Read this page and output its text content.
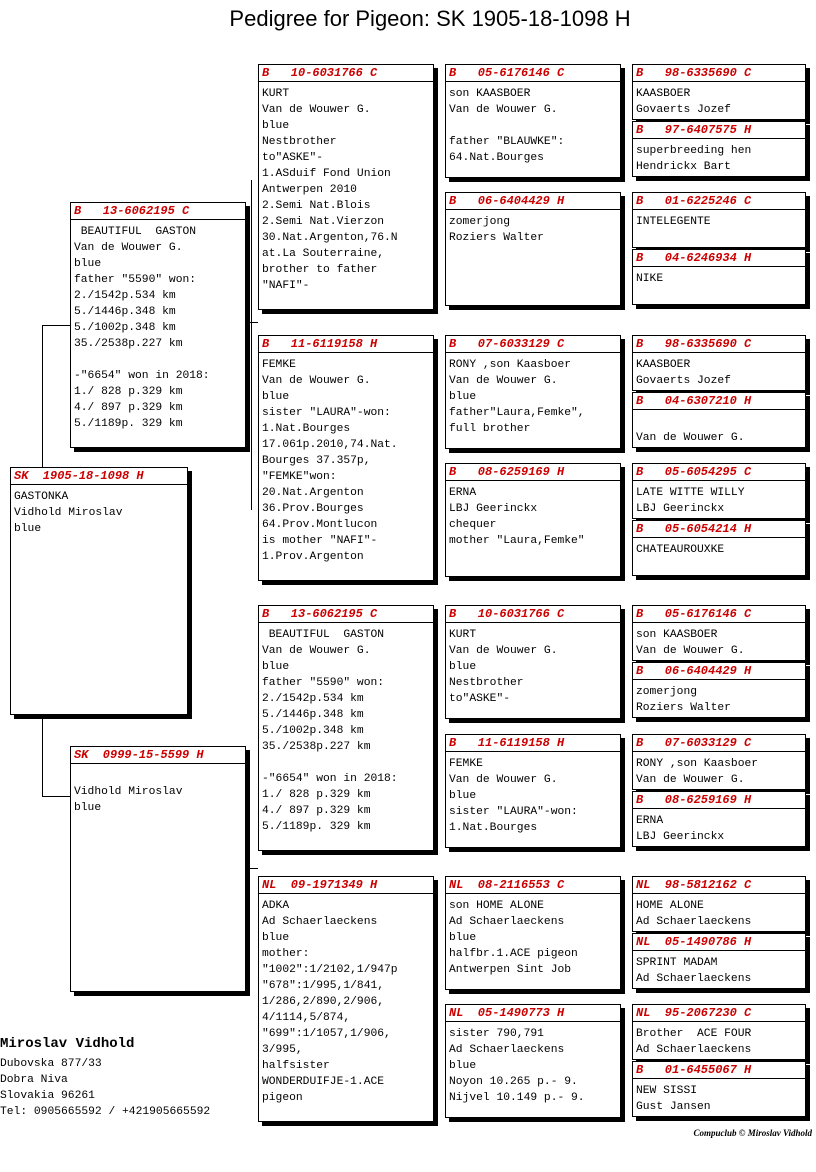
Pedigree for Pigeon: SK 1905-18-1098 H
SK  1905-18-1098 H
GASTONKA
Vidhold Miroslav
blue
B   13-6062195 C
BEAUTIFUL  GASTON
Van de Wouwer G.
blue
father "5590" won:
2./1542p.534 km
5./1446p.348 km
5./1002p.348 km
35./2538p.227 km

-"6654" won in 2018:
1./ 828 p.329 km
4./ 897 p.329 km
5./1189p. 329 km
SK  0999-15-5599 H

Vidhold Miroslav
blue
B   10-6031766 C
KURT
Van de Wouwer G.
blue
Nestbrother
to"ASKE"-
1.ASduif Fond Union
Antwerpen 2010
2.Semi Nat.Blois
2.Semi Nat.Vierzon
30.Nat.Argenton,76.N
at.La Souterraine,
brother to father
"NAFI"-
B   11-6119158 H
FEMKE
Van de Wouwer G.
blue
sister "LAURA"-won:
1.Nat.Bourges
17.061p.2010,74.Nat.
Bourges 37.357p,
"FEMKE"won:
20.Nat.Argenton
36.Prov.Bourges
64.Prov.Montlucon
is mother "NAFI"-
1.Prov.Argenton
B   13-6062195 C
BEAUTIFUL  GASTON
Van de Wouwer G.
blue
father "5590" won:
2./1542p.534 km
5./1446p.348 km
5./1002p.348 km
35./2538p.227 km

-"6654" won in 2018:
1./ 828 p.329 km
4./ 897 p.329 km
5./1189p. 329 km
NL  09-1971349 H
ADKA
Ad Schaerlaeckens
blue
mother:
"1002":1/2102,1/947p
"678":1/995,1/841,
1/286,2/890,2/906,
4/1114,5/874,
"699":1/1057,1/906,
3/995,
halfsister
WONDERDUIFJE-1.ACE
pigeon
B   05-6176146 C
son KAASBOER
Van de Wouwer G.

father "BLAUWKE":
64.Nat.Bourges
B   06-6404429 H
zomerjong
Roziers Walter
B   07-6033129 C
RONY ,son Kaasboer
Van de Wouwer G.
blue
father"Laura,Femke",
full brother
B   08-6259169 H
ERNA
LBJ Geerinckx
chequer
mother "Laura,Femke"
B   10-6031766 C
KURT
Van de Wouwer G.
blue
Nestbrother
to"ASKE"-
B   11-6119158 H
FEMKE
Van de Wouwer G.
blue
sister "LAURA"-won:
1.Nat.Bourges
NL  08-2116553 C
son HOME ALONE
Ad Schaerlaeckens
blue
halfbr.1.ACE pigeon
Antwerpen Sint Job
NL  05-1490773 H
sister 790,791
Ad Schaerlaeckens
blue
Noyon 10.265 p.- 9.
Nijvel 10.149 p.- 9.
B   98-6335690 C
KAASBOER
Govaerts Jozef
B   97-6407575 H
superbreeding hen
Hendrickx Bart
B   01-6225246 C
INTELEGENTE
B   04-6246934 H
NIKE
B   98-6335690 C
KAASBOER
Govaerts Jozef
B   04-6307210 H

Van de Wouwer G.
B   05-6054295 C
LATE WITTE WILLY
LBJ Geerinckx
B   05-6054214 H
CHATEAUROUXKE
B   05-6176146 C
son KAASBOER
Van de Wouwer G.
B   06-6404429 H
zomerjong
Roziers Walter
B   07-6033129 C
RONY ,son Kaasboer
Van de Wouwer G.
B   08-6259169 H
ERNA
LBJ Geerinckx
NL  98-5812162 C
HOME ALONE
Ad Schaerlaeckens
NL  05-1490786 H
SPRINT MADAM
Ad Schaerlaeckens
NL  95-2067230 C
Brother  ACE FOUR
Ad Schaerlaeckens
B   01-6455067 H
NEW SISSI
Gust Jansen
Miroslav Vidhold
Dubovska 877/33
Dobra Niva
Slovakia 96261
Tel: 0905665592 / +421905665592
Compuclub © Miroslav Vidhold
